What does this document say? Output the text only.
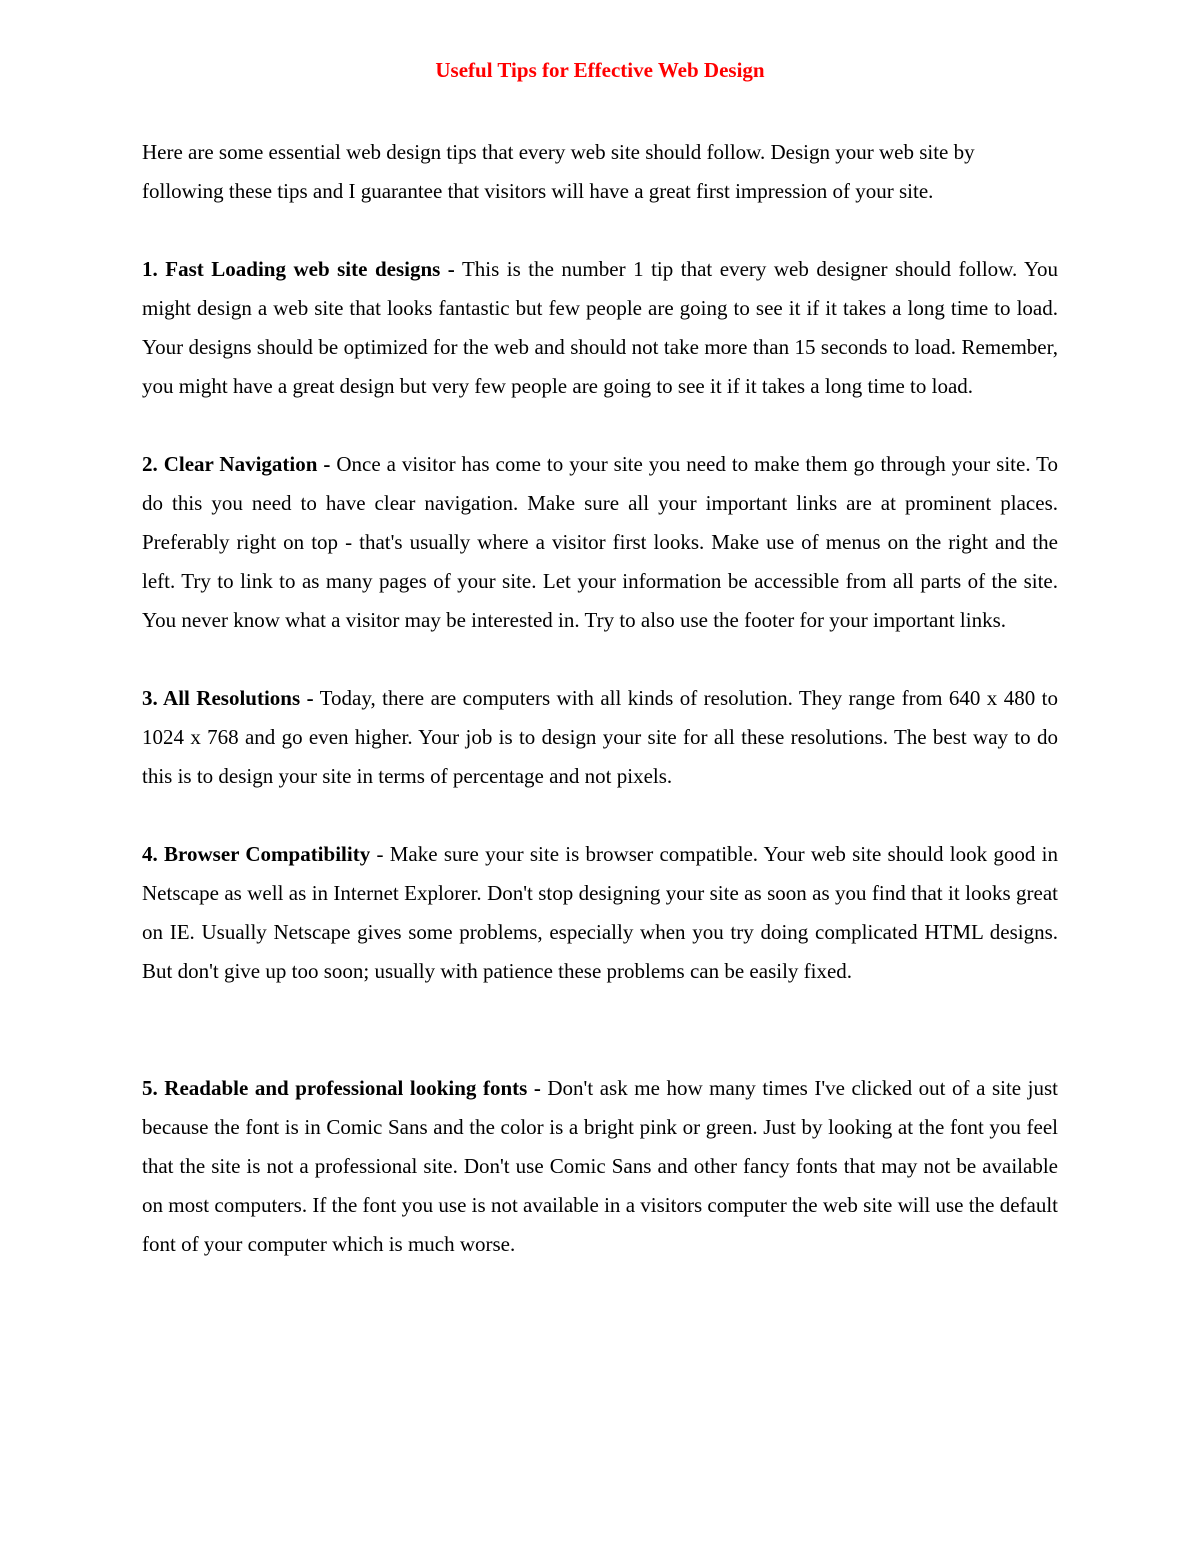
Useful Tips for Effective Web Design

Here are some essential web design tips that every web site should follow. Design your web site by following these tips and I guarantee that visitors will have a great first impression of your site.

1. Fast Loading web site designs - This is the number 1 tip that every web designer should follow. You might design a web site that looks fantastic but few people are going to see it if it takes a long time to load. Your designs should be optimized for the web and should not take more than 15 seconds to load. Remember, you might have a great design but very few people are going to see it if it takes a long time to load.

2. Clear Navigation - Once a visitor has come to your site you need to make them go through your site. To do this you need to have clear navigation. Make sure all your important links are at prominent places. Preferably right on top - that's usually where a visitor first looks. Make use of menus on the right and the left. Try to link to as many pages of your site. Let your information be accessible from all parts of the site. You never know what a visitor may be interested in. Try to also use the footer for your important links.

3. All Resolutions - Today, there are computers with all kinds of resolution. They range from 640 x 480 to 1024 x 768 and go even higher. Your job is to design your site for all these resolutions. The best way to do this is to design your site in terms of percentage and not pixels.

4. Browser Compatibility - Make sure your site is browser compatible. Your web site should look good in Netscape as well as in Internet Explorer. Don't stop designing your site as soon as you find that it looks great on IE. Usually Netscape gives some problems, especially when you try doing complicated HTML designs. But don't give up too soon; usually with patience these problems can be easily fixed.

5. Readable and professional looking fonts - Don't ask me how many times I've clicked out of a site just because the font is in Comic Sans and the color is a bright pink or green. Just by looking at the font you feel that the site is not a professional site. Don't use Comic Sans and other fancy fonts that may not be available on most computers. If the font you use is not available in a visitors computer the web site will use the default font of your computer which is much worse.
